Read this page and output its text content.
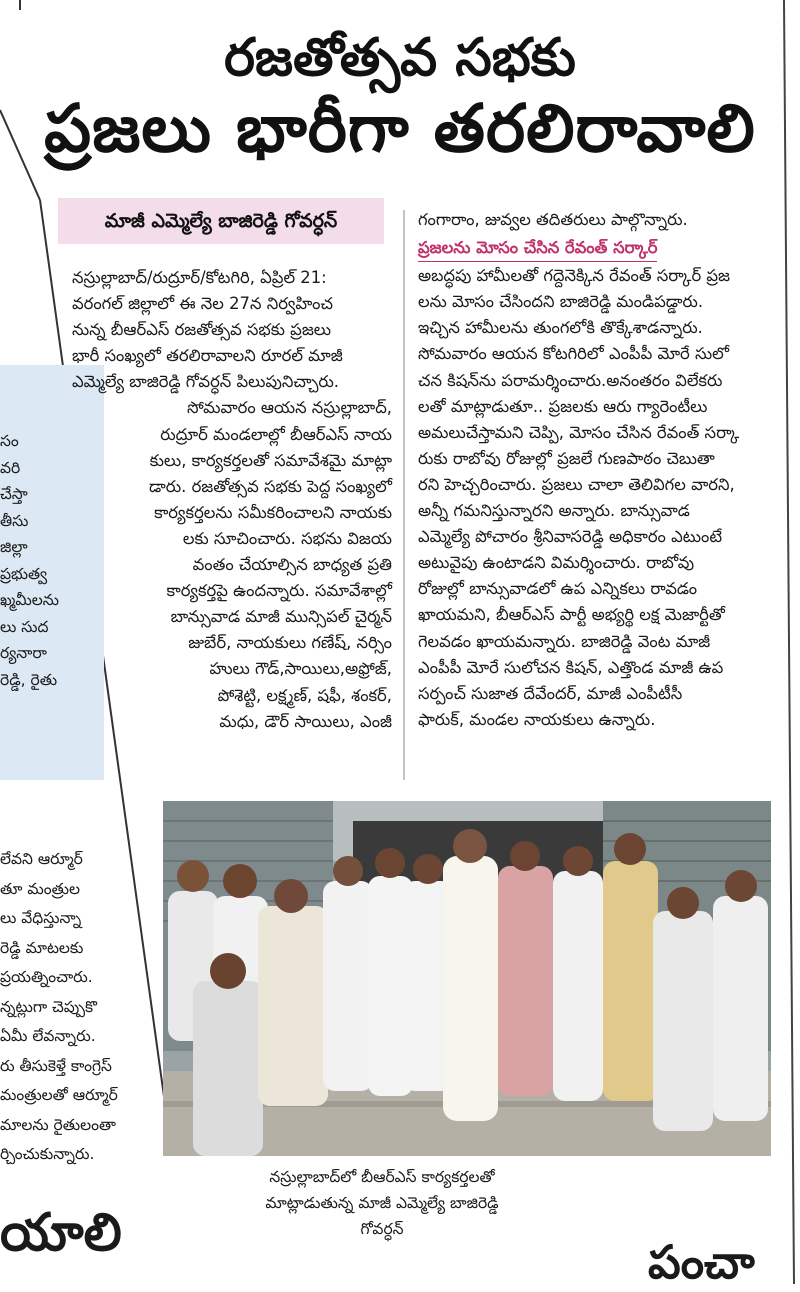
రజతోత్సవ సభకు
ప్రజలు భారీగా తరలిరావాలి
మాజీ ఎమ్మెల్యే బాజిరెడ్డి గోవర్ధన్
సం
వరి
చేస్తా
తీసు
జిల్లా
ప్రభుత్వ
ఖ్మమీలను
లు సుద
ర్యనారా
రెడ్డి, రైతు
లేవని ఆర్మూర్
తూ మంత్రుల
లు వేధిస్తున్నా
రెడ్డి మాటలకు
ప్రయత్నించారు.
న్నట్లుగా చెప్పుకొ
ఏమీ లేవన్నారు.
రు తీసుకెళ్తే కాంగ్రెస్
మంత్రులతో ఆర్మూర్
మాలను రైతులంతా
ర్చించుకున్నారు.

నస్రుల్లాబాద్/రుద్రూర్/కోటగిరి, ఏప్రిల్ 21:

వరంగల్ జిల్లాలో ఈ నెల 27న నిర్వహించ

నున్న బీఆర్ఎస్ రజతోత్సవ సభకు ప్రజలు

భారీ సంఖ్యలో తరలిరావాలని రూరల్ మాజీ

ఎమ్మెల్యే బాజిరెడ్డి గోవర్ధన్ పిలుపునిచ్చారు.

సోమవారం ఆయన నస్రుల్లాబాద్,

రుద్రూర్ మండలాల్లో బీఆర్ఎస్ నాయ

కులు, కార్యకర్తలతో సమావేశమై మాట్లా

డారు. రజతోత్సవ సభకు పెద్ద సంఖ్యలో

కార్యకర్తలను సమీకరించాలని నాయకు

లకు సూచించారు. సభను విజయ

వంతం చేయాల్సిన బాధ్యత ప్రతి

కార్యకర్తపై ఉందన్నారు. సమావేశాల్లో

బాన్సువాడ మాజీ మున్సిపల్ చైర్మన్

జుబేర్, నాయకులు గణేష్, నర్సిం

హులు గౌడ్,సాయిలు,అఫ్రోజ్,

పోశెట్టి, లక్ష్మణ్, షఫీ, శంకర్,

మధు, డౌర్ సాయిలు, ఎంజీ

గంగారాం, జువ్వల తదితరులు పాల్గొన్నారు.

ప్రజలను మోసం చేసిన రేవంత్ సర్కార్

అబద్ధపు హామీలతో గద్దెనెక్కిన రేవంత్ సర్కార్ ప్రజ

లను మోసం చేసిందని బాజిరెడ్డి మండిపడ్డారు.

ఇచ్చిన హామీలను తుంగలోకి తొక్కేశాడన్నారు.

సోమవారం ఆయన కోటగిరిలో ఎంపీపీ మోరే సులో

చన కిషన్‌ను పరామర్శించారు.అనంతరం విలేకరు

లతో మాట్లాడుతూ.. ప్రజలకు ఆరు గ్యారెంటీలు

అమలుచేస్తామని చెప్పి, మోసం చేసిన రేవంత్ సర్కా

రుకు రాబోవు రోజుల్లో ప్రజలే గుణపాఠం చెబుతా

రని హెచ్చరించారు. ప్రజలు చాలా తెలివిగల వారని,

అన్నీ గమనిస్తున్నారని అన్నారు. బాన్సువాడ

ఎమ్మెల్యే పోచారం శ్రీనివాసరెడ్డి అధికారం ఎటుంటే

అటువైపు ఉంటాడని విమర్శించారు. రాబోవు

రోజుల్లో బాన్సువాడలో ఉప ఎన్నికలు రావడం

ఖాయమని, బీఆర్ఎస్ పార్టీ అభ్యర్థి లక్ష మెజార్టీతో

గెలవడం ఖాయమన్నారు. బాజిరెడ్డి వెంట మాజీ

ఎంపీపీ మోరే సులోచన కిషన్, ఎత్తొండ మాజీ ఉప

సర్పంచ్ సుజాత దేవేందర్, మాజీ ఎంపీటీసీ

ఫారుక్, మండల నాయకులు ఉన్నారు.

నస్రుల్లాబాద్‌లో బీఆర్ఎస్ కార్యకర్తలతో
మాట్లాడుతున్న మాజీ ఎమ్మెల్యే బాజిరెడ్డి
గోవర్ధన్
యాలి	పంచా
